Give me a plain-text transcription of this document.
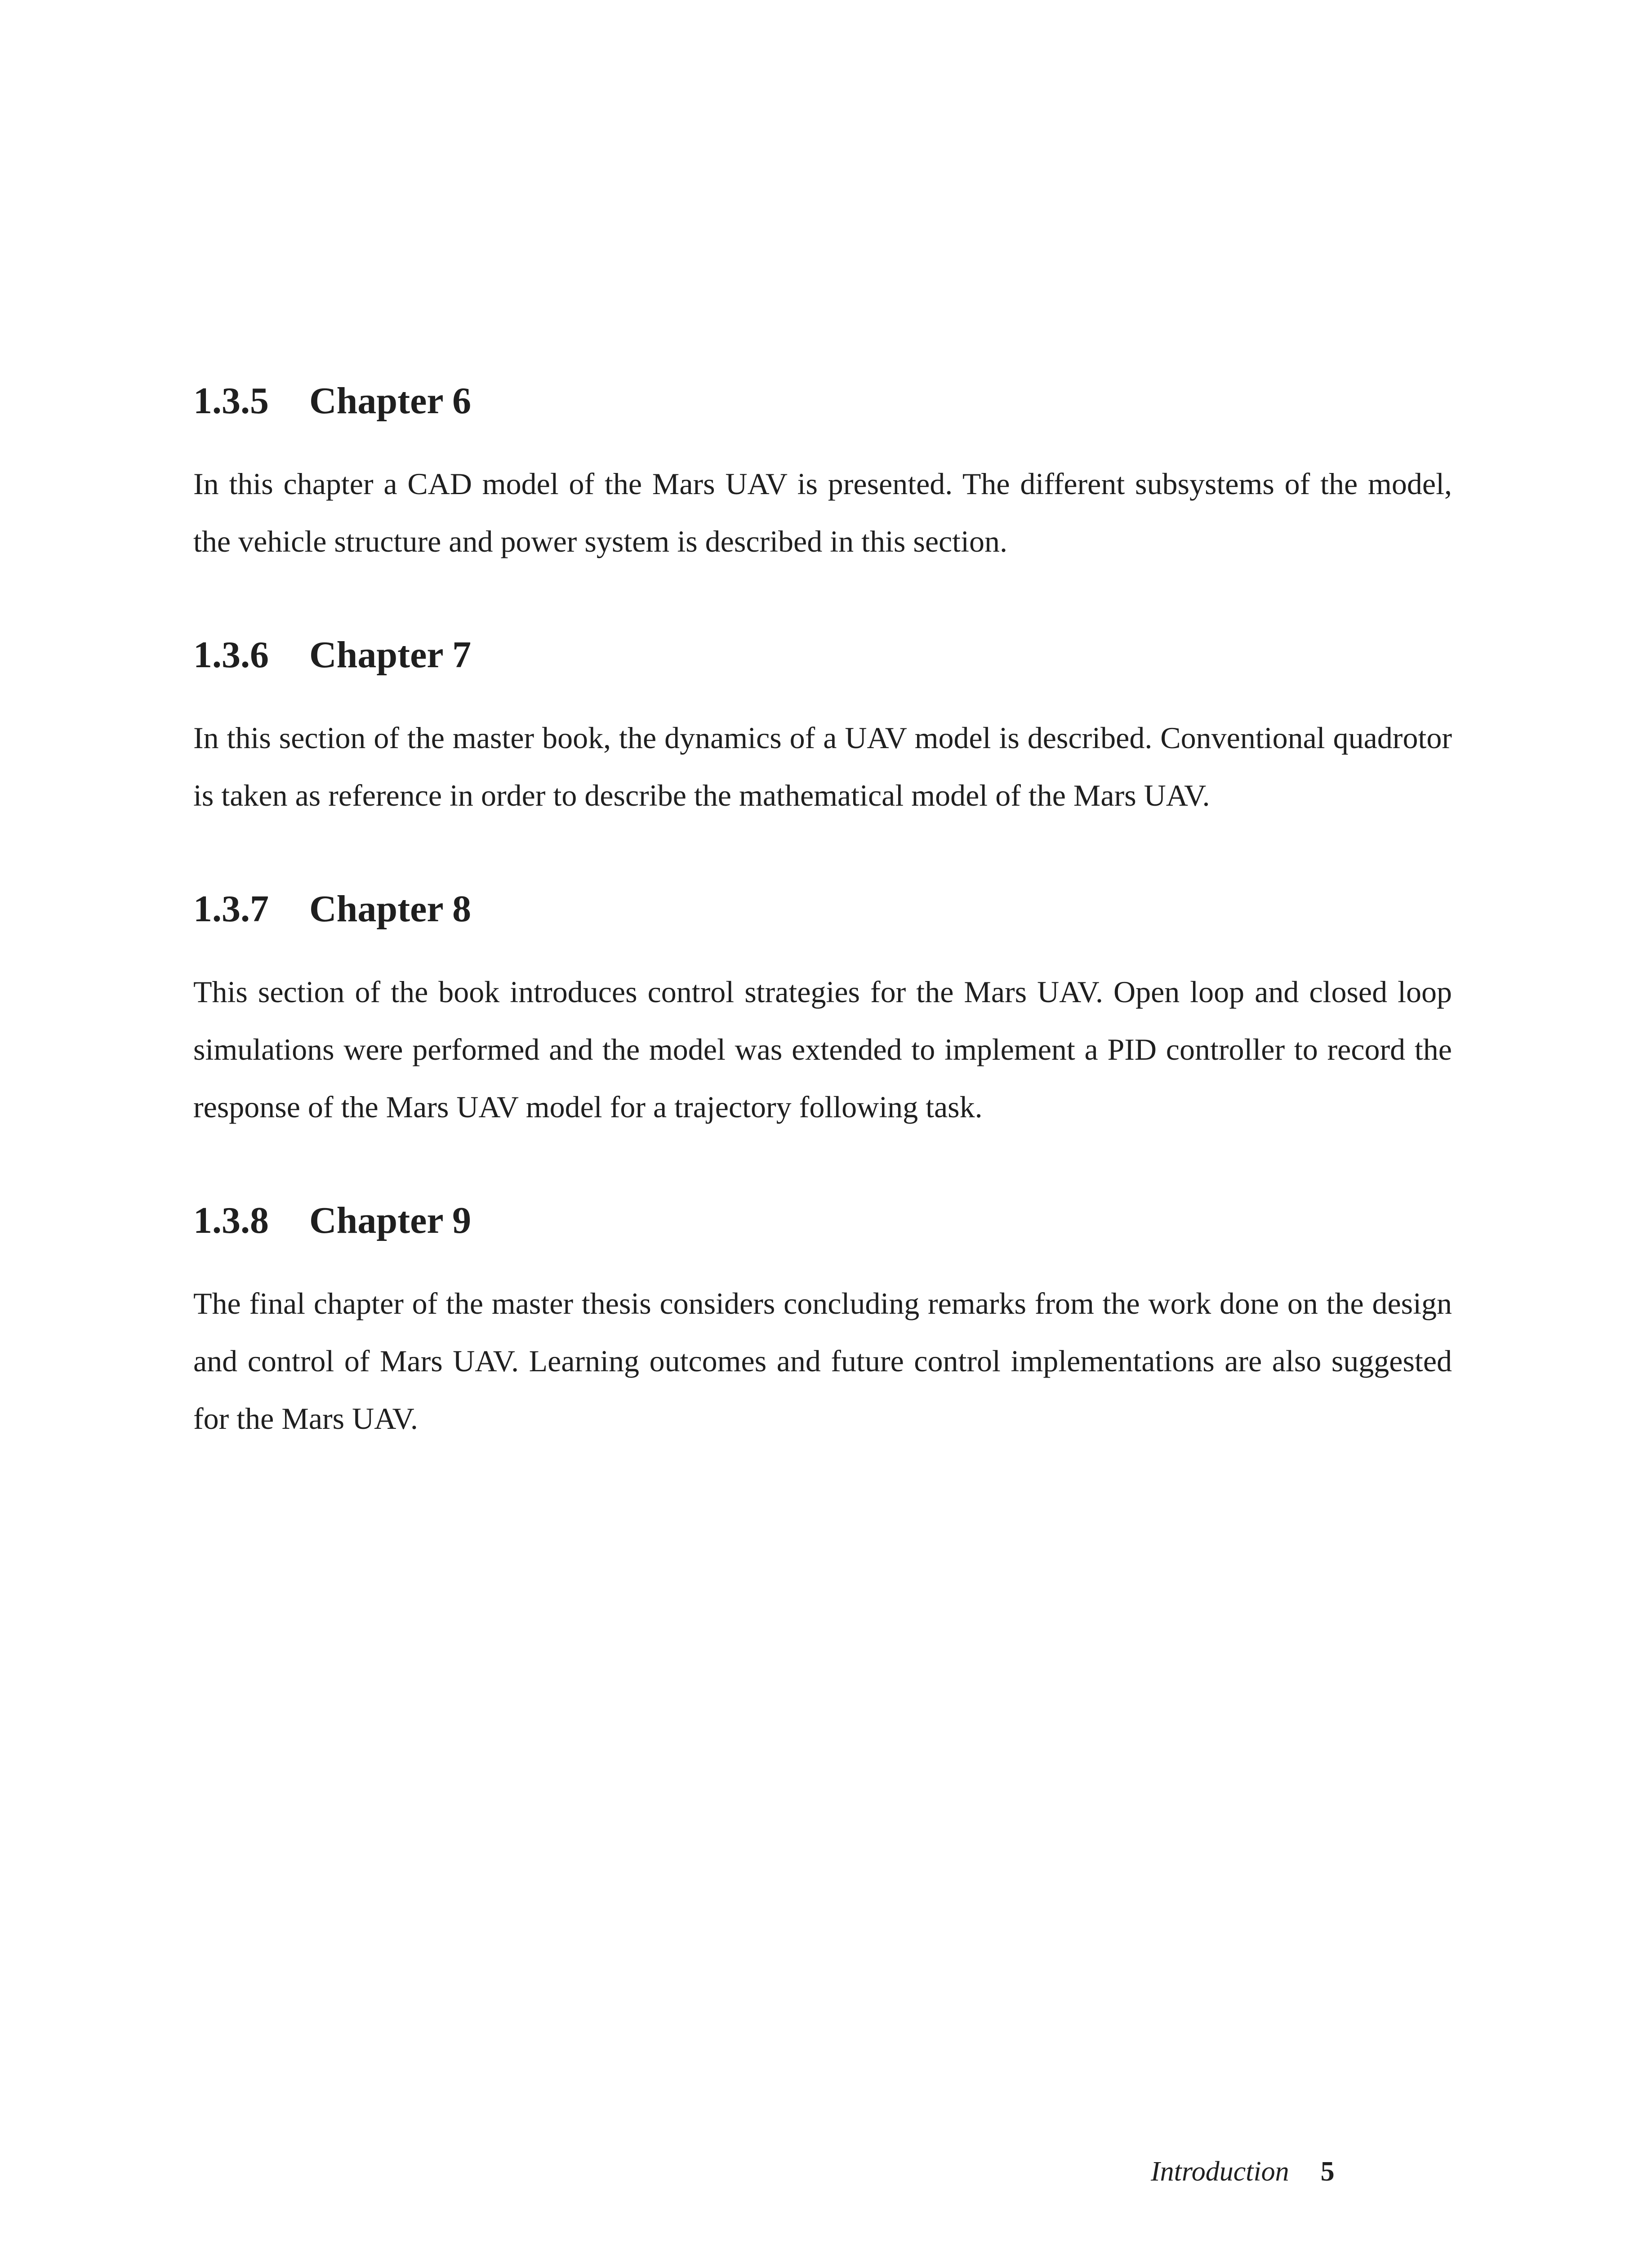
1.3.5	Chapter 6

In this chapter a CAD model of the Mars UAV is presented. The different subsystems of the model, the vehicle structure and power system is described in this section.

1.3.6	Chapter 7

In this section of the master book, the dynamics of a UAV model is described. Conventional quadrotor is taken as reference in order to describe the mathematical model of the Mars UAV.

1.3.7	Chapter 8

This section of the book introduces control strategies for the Mars UAV. Open loop and closed loop simulations were performed and the model was extended to implement a PID controller to record the response of the Mars UAV model for a trajectory following task.

1.3.8	Chapter 9

The final chapter of the master thesis considers concluding remarks from the work done on the design and control of Mars UAV. Learning outcomes and future control implementations are also suggested for the Mars UAV.

Introduction 5
